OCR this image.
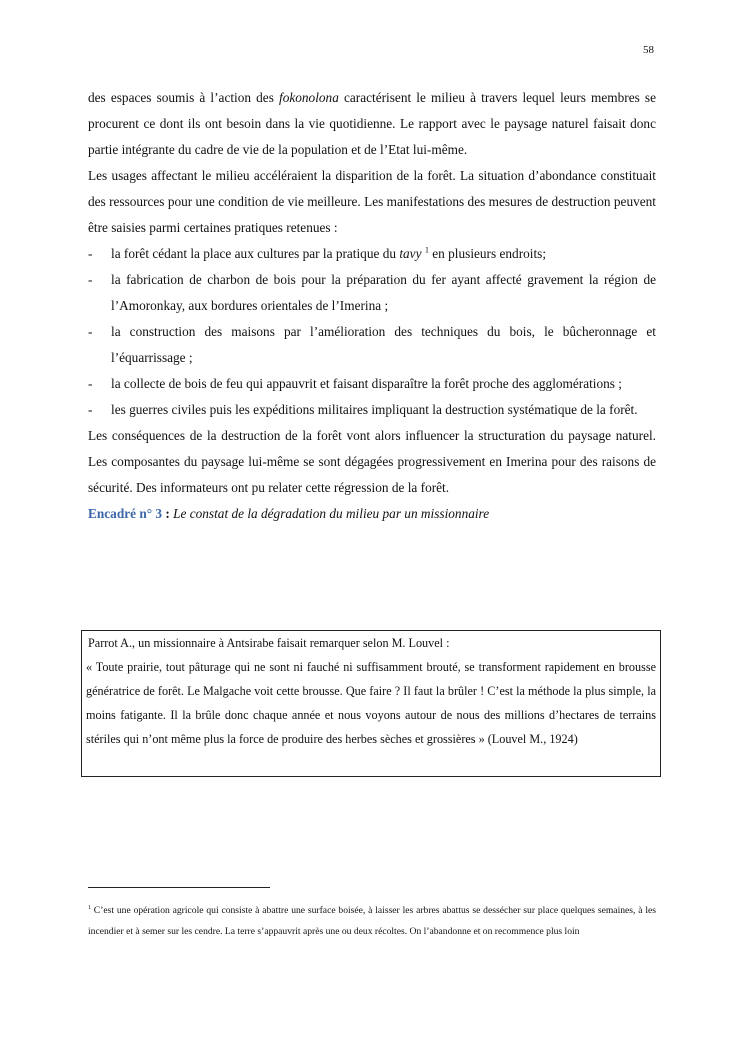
58

des espaces soumis à l’action des fokonolona caractérisent le milieu à travers lequel leurs membres se procurent ce dont ils ont besoin dans la vie quotidienne. Le rapport avec le paysage naturel faisait donc partie intégrante du cadre de vie de la population et de l’Etat lui-même.

Les usages affectant le milieu accéléraient la disparition de la forêt. La situation d’abondance constituait des ressources pour une condition de vie meilleure. Les manifestations des mesures de destruction peuvent être saisies parmi certaines pratiques retenues :

- la forêt cédant la place aux cultures par la pratique du tavy $^1$ en plusieurs endroits;
- la fabrication de charbon de bois pour la préparation du fer ayant affecté gravement la région de l’Amoronkay, aux bordures orientales de l’Imerina ;
- la construction des maisons par l’amélioration des techniques du bois, le bûcheronnage et l’équarrissage ;
- la collecte de bois de feu qui appauvrit et faisant disparaître la forêt proche des agglomérations ;
- les guerres civiles puis les expéditions militaires impliquant la destruction systématique de la forêt.

Les conséquences de la destruction de la forêt vont alors influencer la structuration du paysage naturel. Les composantes du paysage lui-même se sont dégagées progressivement en Imerina pour des raisons de sécurité. Des informateurs ont pu relater cette régression de la forêt.

Encadré n° 3 : Le constat de la dégradation du milieu par un missionnaire

Parrot A., un missionnaire à Antsirabe faisait remarquer selon M. Louvel :

« Toute prairie, tout pâturage qui ne sont ni fauché ni suffisamment brouté, se transforment rapidement en brousse génératrice de forêt. Le Malgache voit cette brousse. Que faire ? Il faut la brûler ! C’est la méthode la plus simple, la moins fatigante. Il la brûle donc chaque année et nous voyons autour de nous des millions d’hectares de terrains stériles qui n’ont même plus la force de produire des herbes sèches et grossières » (Louvel M., 1924)

$^1$ C’est une opération agricole qui consiste à abattre une surface boisée, à laisser les arbres abattus se dessécher sur place quelques semaines, à les incendier et à semer sur les cendre. La terre s’appauvrit après une ou deux récoltes. On l’abandonne et on recommence plus loin
